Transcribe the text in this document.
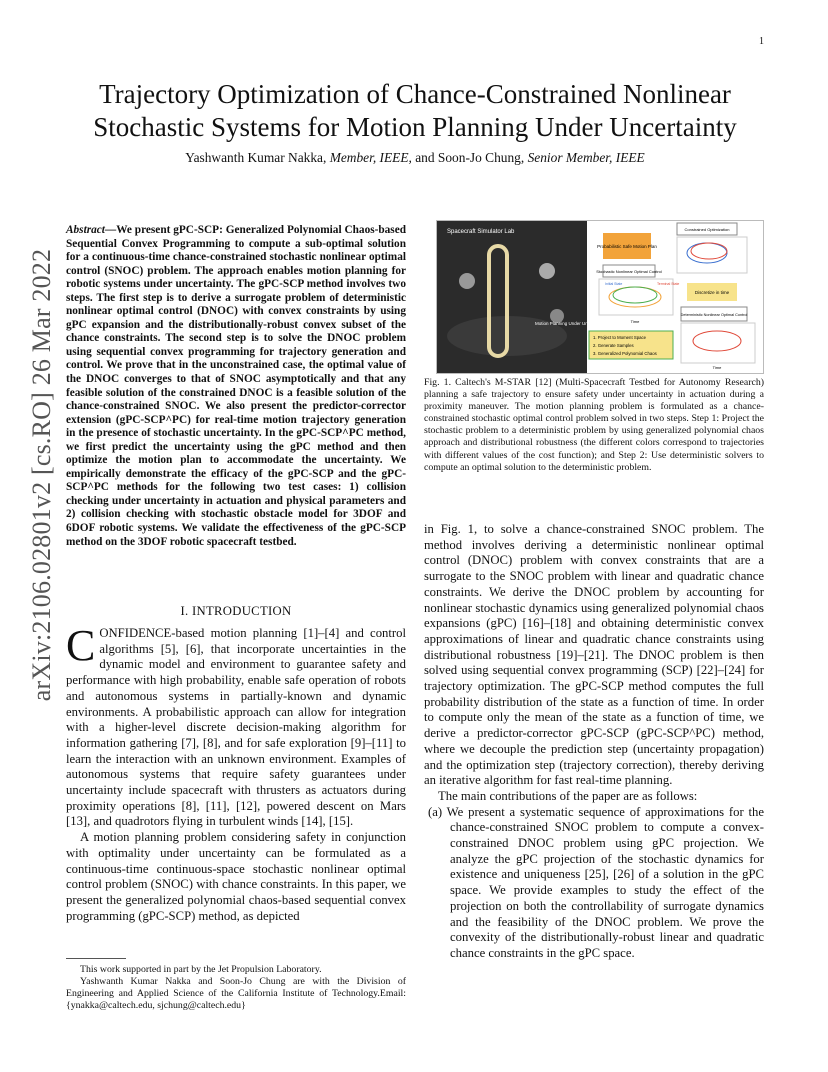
1
arXiv:2106.02801v2 [cs.RO] 26 Mar 2022
Trajectory Optimization of Chance-Constrained Nonlinear Stochastic Systems for Motion Planning Under Uncertainty
Yashwanth Kumar Nakka, Member, IEEE, and Soon-Jo Chung, Senior Member, IEEE
Abstract—We present gPC-SCP: Generalized Polynomial Chaos-based Sequential Convex Programming to compute a sub-optimal solution for a continuous-time chance-constrained stochastic nonlinear optimal control (SNOC) problem. The approach enables motion planning for robotic systems under uncertainty. The gPC-SCP method involves two steps. The first step is to derive a surrogate problem of deterministic nonlinear optimal control (DNOC) with convex constraints by using gPC expansion and the distributionally-robust convex subset of the chance constraints. The second step is to solve the DNOC problem using sequential convex programming for trajectory generation and control. We prove that in the unconstrained case, the optimal value of the DNOC converges to that of SNOC asymptotically and that any feasible solution of the constrained DNOC is a feasible solution of the chance-constrained SNOC. We also present the predictor-corrector extension (gPC-SCP^PC) for real-time motion trajectory generation in the presence of stochastic uncertainty. In the gPC-SCP^PC method, we first predict the uncertainty using the gPC method and then optimize the motion plan to accommodate the uncertainty. We empirically demonstrate the efficacy of the gPC-SCP and the gPC-SCP^PC methods for the following two test cases: 1) collision checking under uncertainty in actuation and physical parameters and 2) collision checking with stochastic obstacle model for 3DOF and 6DOF robotic systems. We validate the effectiveness of the gPC-SCP method on the 3DOF robotic spacecraft testbed.
I. INTRODUCTION

CONFIDENCE-based motion planning [1]–[4] and control algorithms [5], [6], that incorporate uncertainties in the dynamic model and environment to guarantee safety and performance with high probability, enable safe operation of robots and autonomous systems in partially-known and dynamic environments. A probabilistic approach can allow for integration with a higher-level discrete decision-making algorithm for information gathering [7], [8], and for safe exploration [9]–[11] to learn the interaction with an unknown environment. Examples of autonomous systems that require safety guarantees under uncertainty include spacecraft with thrusters as actuators during proximity operations [8], [11], [12], powered descent on Mars [13], and quadrotors flying in turbulent winds [14], [15].

A motion planning problem considering safety in conjunction with optimality under uncertainty can be formulated as a continuous-time continuous-space stochastic nonlinear optimal control problem (SNOC) with chance constraints. In this paper, we present the generalized polynomial chaos-based sequential convex programming (gPC-SCP) method, as depicted

This work supported in part by the Jet Propulsion Laboratory.

Yashwanth Kumar Nakka and Soon-Jo Chung are with the Division of Engineering and Applied Science of the California Institute of Technology.Email:{ynakka@caltech.edu, sjchung@caltech.edu}

Spacecraft Simulator Lab
Motion Planning Under Uncertainty
Probabilistic Safe Motion Plan
Constrained Optimization
Stochastic Nonlinear Optimal Control
Initial State	Terminal State
Time
Discretize in time
Deterministic Nonlinear Optimal Control
Time
1. Project to Moment Space
2. Generate Samples
3. Generalized Polynomial Chaos
Fig. 1. Caltech's M-STAR [12] (Multi-Spacecraft Testbed for Autonomy Research) planning a safe trajectory to ensure safety under uncertainty in actuation during a proximity maneuver. The motion planning problem is formulated as a chance-constrained stochastic optimal control problem solved in two steps. Step 1: Project the stochastic problem to a deterministic problem by using generalized polynomial chaos approach and distributional robustness (the different colors correspond to trajectories with different values of the cost function); and Step 2: Use deterministic solvers to compute an optimal solution to the deterministic problem.

in Fig. 1, to solve a chance-constrained SNOC problem. The method involves deriving a deterministic nonlinear optimal control (DNOC) problem with convex constraints that are a surrogate to the SNOC problem with linear and quadratic chance constraints. We derive the DNOC problem by accounting for nonlinear stochastic dynamics using generalized polynomial chaos expansions (gPC) [16]–[18] and obtaining deterministic convex approximations of linear and quadratic chance constraints using distributional robustness [19]–[21]. The DNOC problem is then solved using sequential convex programming (SCP) [22]–[24] for trajectory optimization. The gPC-SCP method computes the full probability distribution of the state as a function of time. In order to compute only the mean of the state as a function of time, we derive a predictor-corrector gPC-SCP (gPC-SCP^PC) method, where we decouple the prediction step (uncertainty propagation) and the optimization step (trajectory correction), thereby deriving an iterative algorithm for fast real-time planning.

The main contributions of the paper are as follows:

(a) We present a systematic sequence of approximations for the chance-constrained SNOC problem to compute a convex-constrained DNOC problem using gPC projection. We analyze the gPC projection of the stochastic dynamics for existence and uniqueness [25], [26] of a solution in the gPC space. We provide examples to study the effect of the projection on both the controllability of surrogate dynamics and the feasibility of the DNOC problem. We prove the convexity of the distributionally-robust linear and quadratic chance constraints in the gPC space.
